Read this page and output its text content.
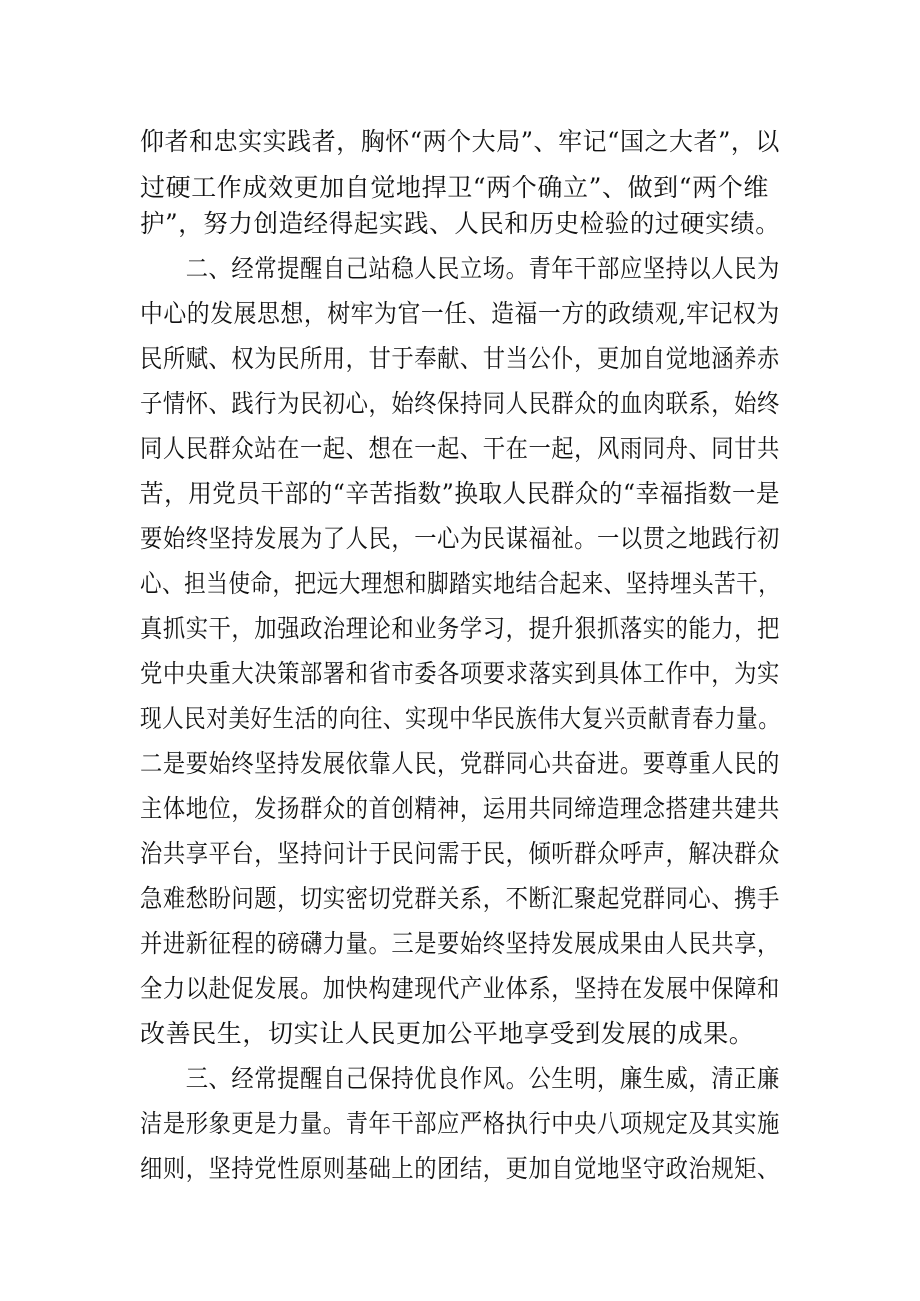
仰者和忠实实践者，胸怀“两个大局”、牢记“国之大者”，以

过硬工作成效更加自觉地捍卫“两个确立”、做到“两个维

护”，努力创造经得起实践、人民和历史检验的过硬实绩。

　　二、经常提醒自己站稳人民立场。青年干部应坚持以人民为

中心的发展思想，树牢为官一任、造福一方的政绩观,牢记权为

民所赋、权为民所用，甘于奉献、甘当公仆，更加自觉地涵养赤

子情怀、践行为民初心，始终保持同人民群众的血肉联系，始终

同人民群众站在一起、想在一起、干在一起，风雨同舟、同甘共

苦，用党员干部的“辛苦指数”换取人民群众的“幸福指数一是

要始终坚持发展为了人民，一心为民谋福祉。一以贯之地践行初

心、担当使命，把远大理想和脚踏实地结合起来、坚持埋头苦干，

真抓实干，加强政治理论和业务学习，提升狠抓落实的能力，把

党中央重大决策部署和省市委各项要求落实到具体工作中，为实

现人民对美好生活的向往、实现中华民族伟大复兴贡献青春力量。

二是要始终坚持发展依靠人民，党群同心共奋进。要尊重人民的

主体地位，发扬群众的首创精神，运用共同缔造理念搭建共建共

治共享平台，坚持问计于民问需于民，倾听群众呼声，解决群众

急难愁盼问题，切实密切党群关系，不断汇聚起党群同心、携手

并进新征程的磅礴力量。三是要始终坚持发展成果由人民共享，

全力以赴促发展。加快构建现代产业体系，坚持在发展中保障和

改善民生，切实让人民更加公平地享受到发展的成果。

　　三、经常提醒自己保持优良作风。公生明，廉生威，清正廉

洁是形象更是力量。青年干部应严格执行中央八项规定及其实施

细则，坚持党性原则基础上的团结，更加自觉地坚守政治规矩、
